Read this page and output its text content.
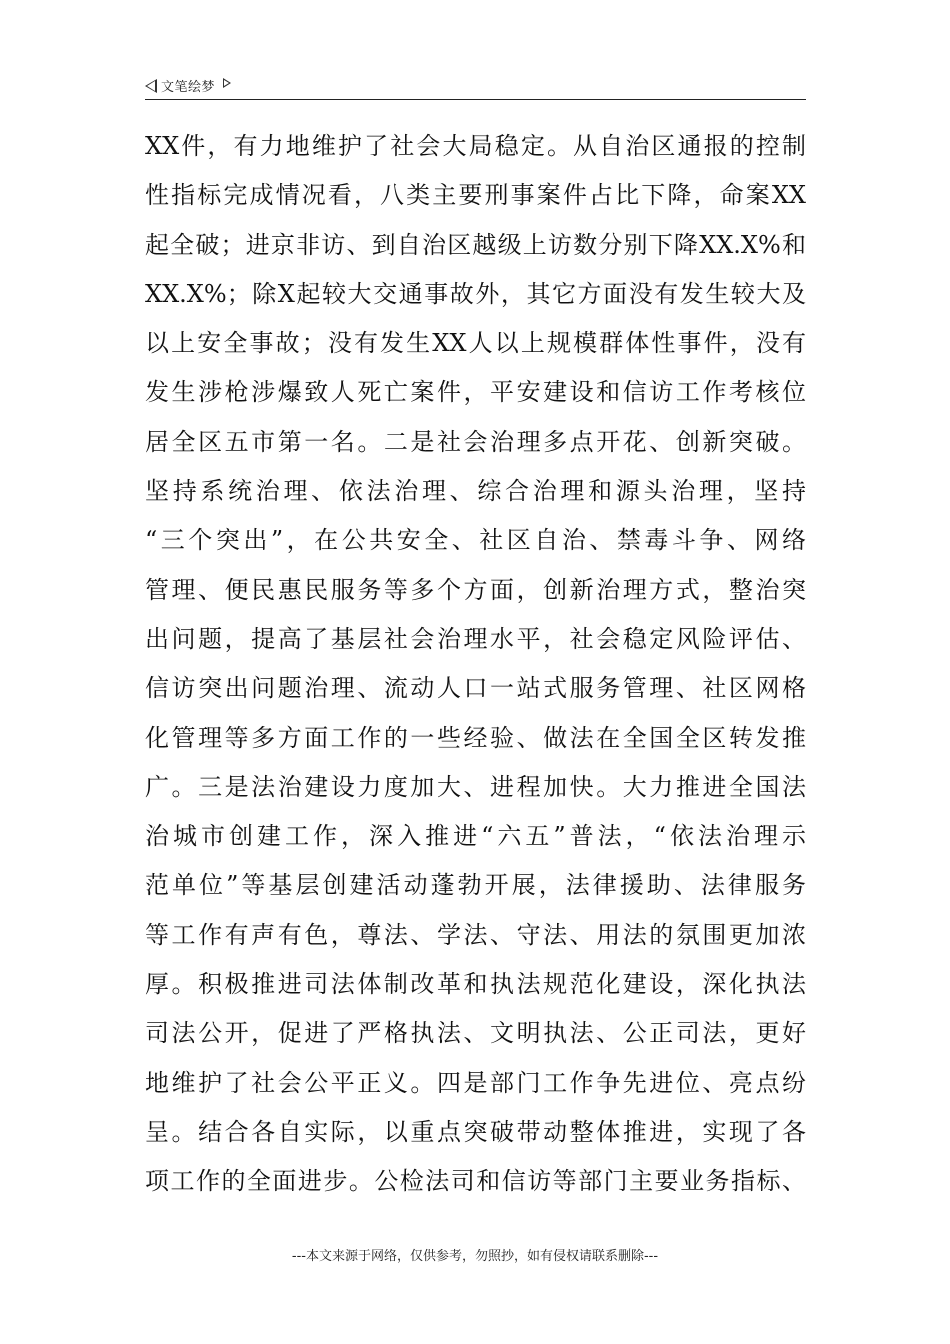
文笔绘梦
XX件，有力地维护了社会大局稳定。从自治区通报的控制
性指标完成情况看，八类主要刑事案件占比下降，命案XX
起全破；进京非访、到自治区越级上访数分别下降XX.X%和
XX.X%；除X起较大交通事故外，其它方面没有发生较大及
以上安全事故；没有发生XX人以上规模群体性事件，没有
发生涉枪涉爆致人死亡案件，平安建设和信访工作考核位
居全区五市第一名。二是社会治理多点开花、创新突破。
坚持系统治理、依法治理、综合治理和源头治理，坚持
“三个突出”，在公共安全、社区自治、禁毒斗争、网络
管理、便民惠民服务等多个方面，创新治理方式，整治突
出问题，提高了基层社会治理水平，社会稳定风险评估、
信访突出问题治理、流动人口一站式服务管理、社区网格
化管理等多方面工作的一些经验、做法在全国全区转发推
广。三是法治建设力度加大、进程加快。大力推进全国法
治城市创建工作，深入推进“六五”普法，“依法治理示
范单位”等基层创建活动蓬勃开展，法律援助、法律服务
等工作有声有色，尊法、学法、守法、用法的氛围更加浓
厚。积极推进司法体制改革和执法规范化建设，深化执法
司法公开，促进了严格执法、文明执法、公正司法，更好
地维护了社会公平正义。四是部门工作争先进位、亮点纷
呈。结合各自实际，以重点突破带动整体推进，实现了各
项工作的全面进步。公检法司和信访等部门主要业务指标、
---本文来源于网络，仅供参考，勿照抄，如有侵权请联系删除---
